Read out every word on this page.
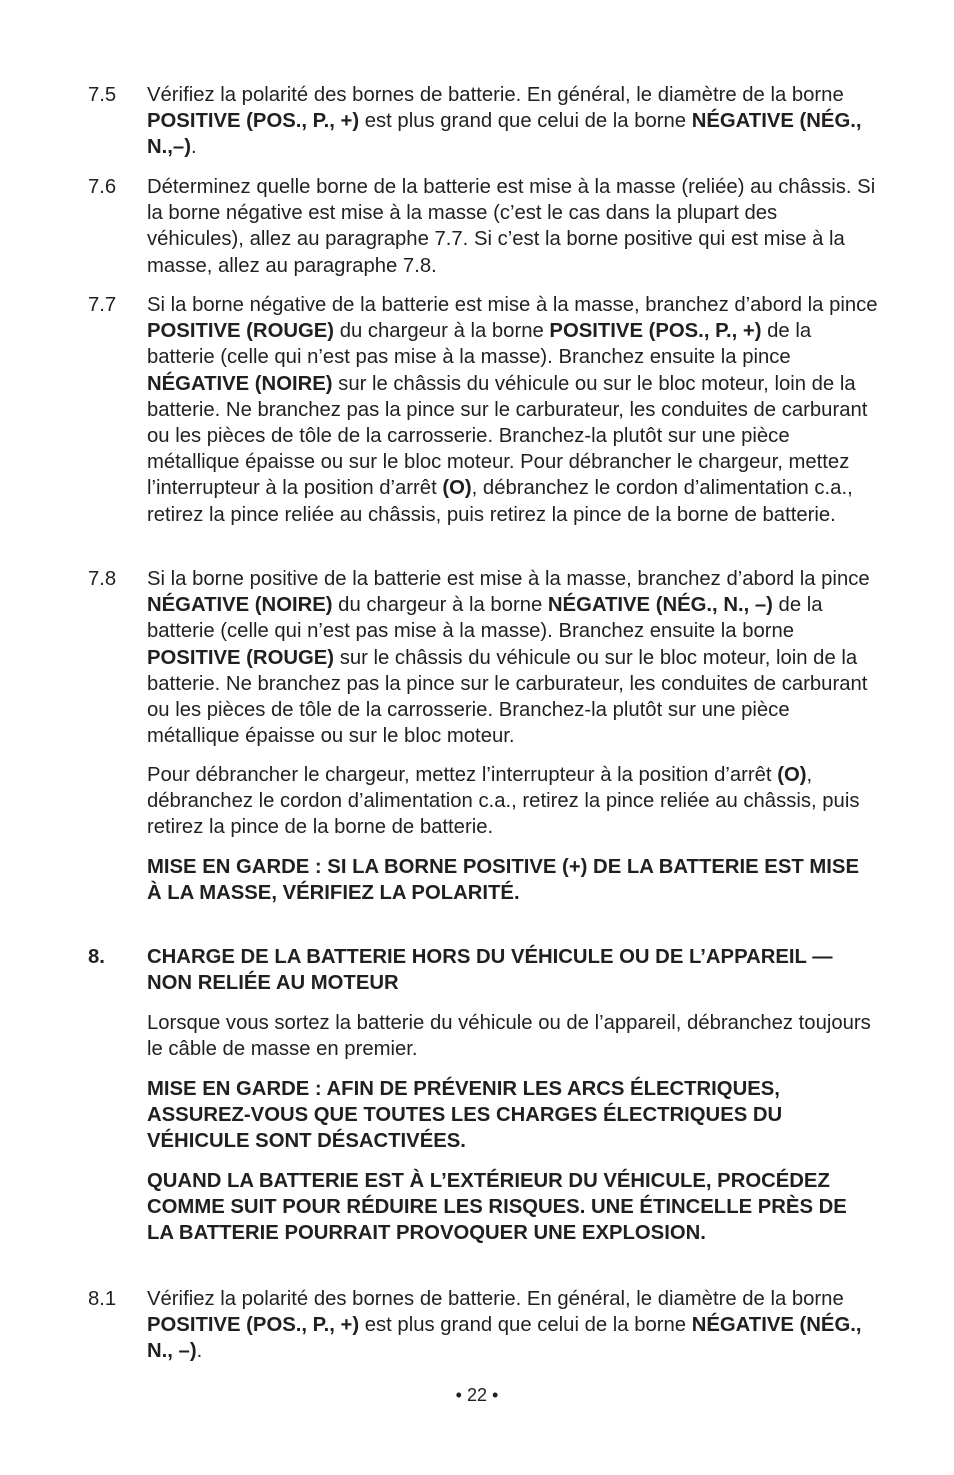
7.5	Vérifiez la polarité des bornes de batterie. En général, le diamètre de la borne POSITIVE (POS., P., +) est plus grand que celui de la borne NÉGATIVE (NÉG., N.,–).
7.6	Déterminez quelle borne de la batterie est mise à la masse (reliée) au châssis. Si la borne négative est mise à la masse (c’est le cas dans la plupart des véhicules), allez au paragraphe 7.7. Si c’est la borne positive qui est mise à la masse, allez au paragraphe 7.8.
7.7	Si la borne négative de la batterie est mise à la masse, branchez d’abord la pince POSITIVE (ROUGE) du chargeur à la borne POSITIVE (POS., P., +) de la batterie (celle qui n’est pas mise à la masse). Branchez ensuite la pince NÉGATIVE (NOIRE) sur le châssis du véhicule ou sur le bloc moteur, loin de la batterie. Ne branchez pas la pince sur le carburateur, les conduites de carburant ou les pièces de tôle de la carrosserie. Branchez-la plutôt sur une pièce métallique épaisse ou sur le bloc moteur. Pour débrancher le chargeur, mettez l’interrupteur à la position d’arrêt (O), débranchez le cordon d’alimentation c.a., retirez la pince reliée au châssis, puis retirez la pince de la borne de batterie.
7.8	Si la borne positive de la batterie est mise à la masse, branchez d’abord la pince NÉGATIVE (NOIRE) du chargeur à la borne NÉGATIVE (NÉG., N., –) de la batterie (celle qui n’est pas mise à la masse). Branchez ensuite la borne POSITIVE (ROUGE) sur le châssis du véhicule ou sur le bloc moteur, loin de la batterie. Ne branchez pas la pince sur le carburateur, les conduites de carburant ou les pièces de tôle de la carrosserie. Branchez-la plutôt sur une pièce métallique épaisse ou sur le bloc moteur.
Pour débrancher le chargeur, mettez l’interrupteur à la position d’arrêt (O), débranchez le cordon d’alimentation c.a., retirez la pince reliée au châssis, puis retirez la pince de la borne de batterie.
MISE EN GARDE : SI LA BORNE POSITIVE (+) DE LA BATTERIE EST MISE À LA MASSE, VÉRIFIEZ LA POLARITÉ.
8.	CHARGE DE LA BATTERIE HORS DU VÉHICULE OU DE L’APPAREIL — NON RELIÉE AU MOTEUR
Lorsque vous sortez la batterie du véhicule ou de l’appareil, débranchez toujours le câble de masse en premier.
MISE EN GARDE : AFIN DE PRÉVENIR LES ARCS ÉLECTRIQUES, ASSUREZ-VOUS QUE TOUTES LES CHARGES ÉLECTRIQUES DU VÉHICULE SONT DÉSACTIVÉES.
QUAND LA BATTERIE EST À L’EXTÉRIEUR DU VÉHICULE, PROCÉDEZ COMME SUIT POUR RÉDUIRE LES RISQUES. UNE ÉTINCELLE PRÈS DE LA BATTERIE POURRAIT PROVOQUER UNE EXPLOSION.
8.1	Vérifiez la polarité des bornes de batterie. En général, le diamètre de la borne POSITIVE (POS., P., +) est plus grand que celui de la borne NÉGATIVE (NÉG., N., –).
• 22 •
